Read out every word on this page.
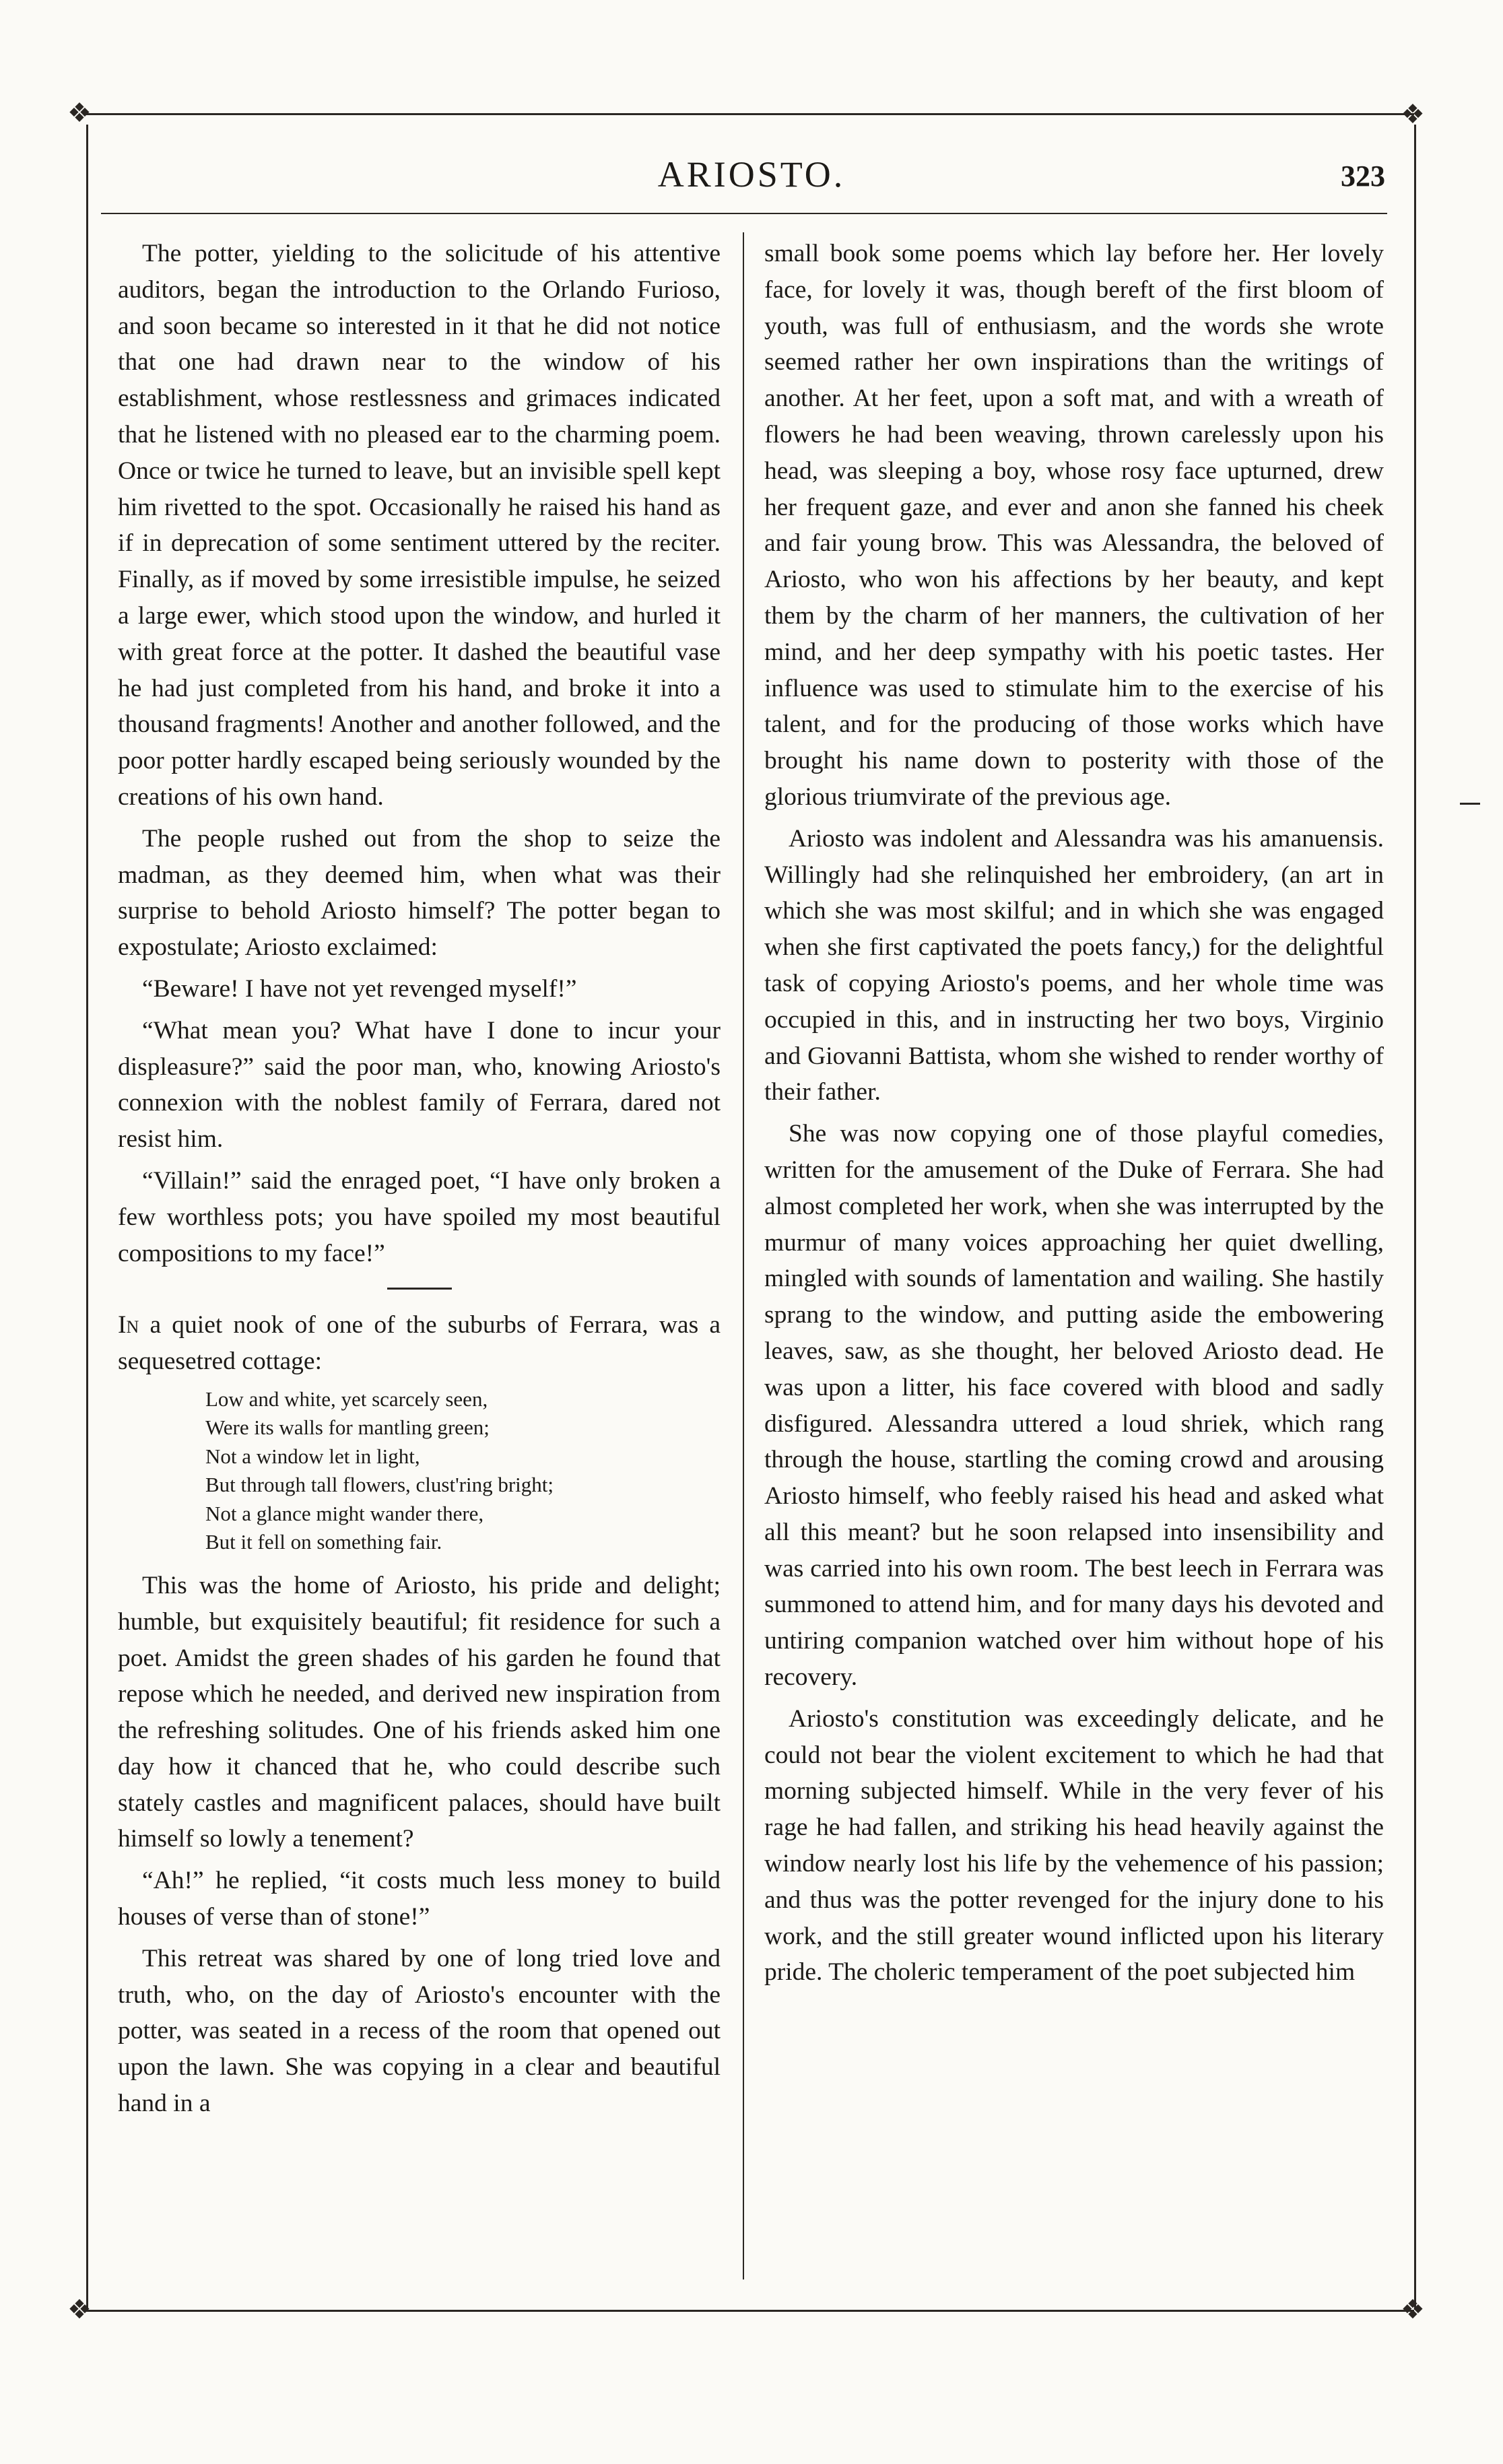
❖	❖
ARIOSTO.	323

The potter, yielding to the solicitude of his attentive auditors, began the introduction to the Orlando Furioso, and soon became so interested in it that he did not notice that one had drawn near to the window of his establishment, whose restlessness and grimaces indicated that he listened with no pleased ear to the charming poem. Once or twice he turned to leave, but an invisible spell kept him rivetted to the spot. Occasionally he raised his hand as if in deprecation of some sentiment uttered by the reciter. Finally, as if moved by some irresistible impulse, he seized a large ewer, which stood upon the window, and hurled it with great force at the potter. It dashed the beautiful vase he had just completed from his hand, and broke it into a thousand fragments! Another and another followed, and the poor potter hardly escaped being seriously wounded by the creations of his own hand.

The people rushed out from the shop to seize the madman, as they deemed him, when what was their surprise to behold Ariosto himself? The potter began to expostulate; Ariosto exclaimed:

“Beware! I have not yet revenged myself!”

“What mean you? What have I done to incur your displeasure?” said the poor man, who, knowing Ariosto's connexion with the noblest family of Ferrara, dared not resist him.

“Villain!” said the enraged poet, “I have only broken a few worthless pots; you have spoiled my most beautiful compositions to my face!”

In a quiet nook of one of the suburbs of Ferrara, was a sequesetred cottage:

Low and white, yet scarcely seen,
Were its walls for mantling green;
Not a window let in light,
But through tall flowers, clust'ring bright;
Not a glance might wander there,
But it fell on something fair.

This was the home of Ariosto, his pride and delight; humble, but exquisitely beautiful; fit residence for such a poet. Amidst the green shades of his garden he found that repose which he needed, and derived new inspiration from the refreshing solitudes. One of his friends asked him one day how it chanced that he, who could describe such stately castles and magnificent palaces, should have built himself so lowly a tenement?

“Ah!” he replied, “it costs much less money to build houses of verse than of stone!”

This retreat was shared by one of long tried love and truth, who, on the day of Ariosto's encounter with the potter, was seated in a recess of the room that opened out upon the lawn. She was copying in a clear and beautiful hand in a

small book some poems which lay before her. Her lovely face, for lovely it was, though bereft of the first bloom of youth, was full of enthusiasm, and the words she wrote seemed rather her own inspirations than the writings of another. At her feet, upon a soft mat, and with a wreath of flowers he had been weaving, thrown carelessly upon his head, was sleeping a boy, whose rosy face upturned, drew her frequent gaze, and ever and anon she fanned his cheek and fair young brow. This was Alessandra, the beloved of Ariosto, who won his affections by her beauty, and kept them by the charm of her manners, the cultivation of her mind, and her deep sympathy with his poetic tastes. Her influence was used to stimulate him to the exercise of his talent, and for the producing of those works which have brought his name down to posterity with those of the glorious triumvirate of the previous age.

Ariosto was indolent and Alessandra was his amanuensis. Willingly had she relinquished her embroidery, (an art in which she was most skilful; and in which she was engaged when she first captivated the poets fancy,) for the delightful task of copying Ariosto's poems, and her whole time was occupied in this, and in instructing her two boys, Virginio and Giovanni Battista, whom she wished to render worthy of their father.

She was now copying one of those playful comedies, written for the amusement of the Duke of Ferrara. She had almost completed her work, when she was interrupted by the murmur of many voices approaching her quiet dwelling, mingled with sounds of lamentation and wailing. She hastily sprang to the window, and putting aside the embowering leaves, saw, as she thought, her beloved Ariosto dead. He was upon a litter, his face covered with blood and sadly disfigured. Alessandra uttered a loud shriek, which rang through the house, startling the coming crowd and arousing Ariosto himself, who feebly raised his head and asked what all this meant? but he soon relapsed into insensibility and was carried into his own room. The best leech in Ferrara was summoned to attend him, and for many days his devoted and untiring companion watched over him without hope of his recovery.

Ariosto's constitution was exceedingly delicate, and he could not bear the violent excitement to which he had that morning subjected himself. While in the very fever of his rage he had fallen, and striking his head heavily against the window nearly lost his life by the vehemence of his passion; and thus was the potter revenged for the injury done to his work, and the still greater wound inflicted upon his literary pride. The choleric temperament of the poet subjected him

❖	❖
